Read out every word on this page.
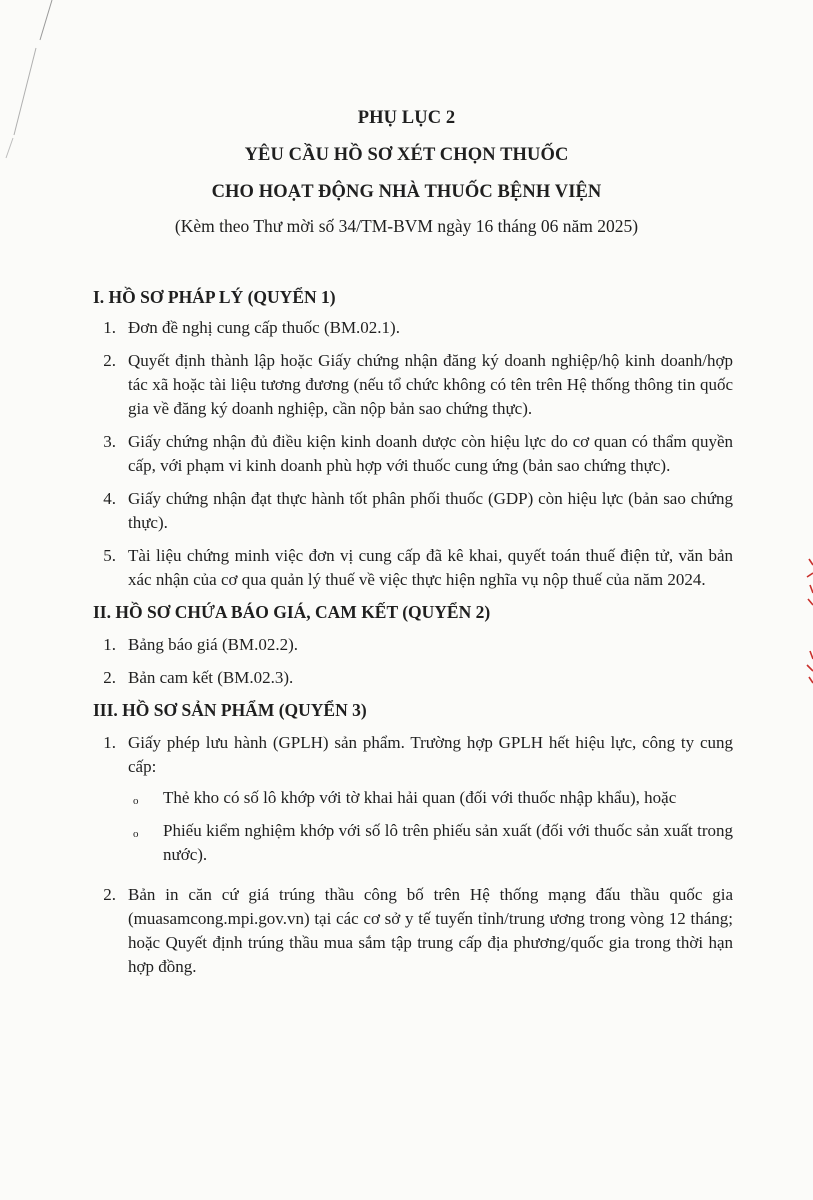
PHỤ LỤC 2
YÊU CẦU HỒ SƠ XÉT CHỌN THUỐC
CHO HOẠT ĐỘNG NHÀ THUỐC BỆNH VIỆN
(Kèm theo Thư mời số 34/TM-BVM ngày 16 tháng 06 năm 2025)

I. HỒ SƠ PHÁP LÝ (QUYỂN 1)

1. Đơn đề nghị cung cấp thuốc (BM.02.1).
2. Quyết định thành lập hoặc Giấy chứng nhận đăng ký doanh nghiệp/hộ kinh doanh/hợp tác xã hoặc tài liệu tương đương (nếu tổ chức không có tên trên Hệ thống thông tin quốc gia về đăng ký doanh nghiệp, cần nộp bản sao chứng thực).
3. Giấy chứng nhận đủ điều kiện kinh doanh dược còn hiệu lực do cơ quan có thẩm quyền cấp, với phạm vi kinh doanh phù hợp với thuốc cung ứng (bản sao chứng thực).
4. Giấy chứng nhận đạt thực hành tốt phân phối thuốc (GDP) còn hiệu lực (bản sao chứng thực).
5. Tài liệu chứng minh việc đơn vị cung cấp đã kê khai, quyết toán thuế điện tử, văn bản xác nhận của cơ qua quản lý thuế về việc thực hiện nghĩa vụ nộp thuế của năm 2024.

II. HỒ SƠ CHỨA BÁO GIÁ, CAM KẾT (QUYỂN 2)

1. Bảng báo giá (BM.02.2).
2. Bản cam kết (BM.02.3).

III. HỒ SƠ SẢN PHẨM (QUYỂN 3)

1. Giấy phép lưu hành (GPLH) sản phẩm. Trường hợp GPLH hết hiệu lực, công ty cung cấp:
o	Thẻ kho có số lô khớp với tờ khai hải quan (đối với thuốc nhập khẩu), hoặc
o	Phiếu kiểm nghiệm khớp với số lô trên phiếu sản xuất (đối với thuốc sản xuất trong nước).
2. Bản in căn cứ giá trúng thầu công bố trên Hệ thống mạng đấu thầu quốc gia (muasamcong.mpi.gov.vn) tại các cơ sở y tế tuyến tỉnh/trung ương trong vòng 12 tháng; hoặc Quyết định trúng thầu mua sắm tập trung cấp địa phương/quốc gia trong thời hạn hợp đồng.
